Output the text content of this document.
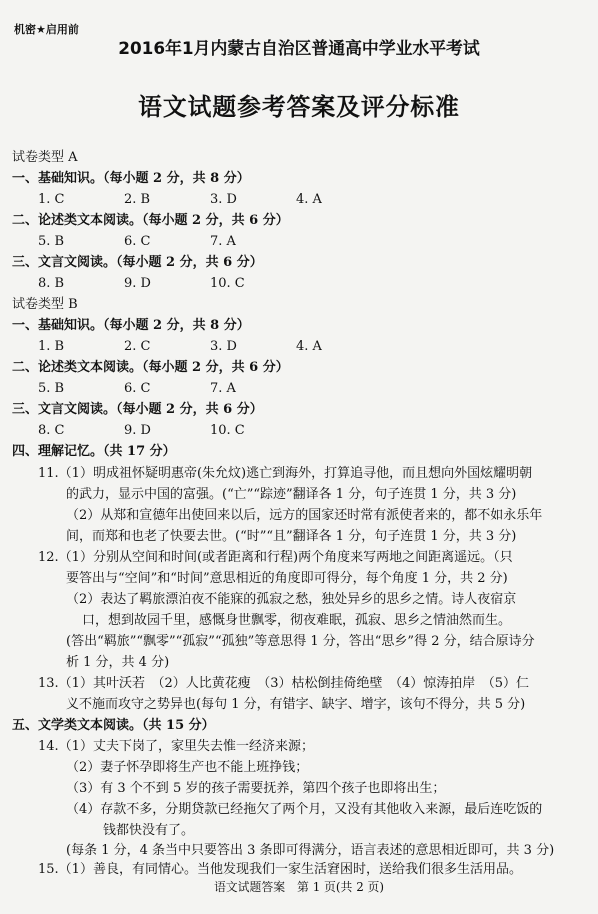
机密★启用前
2016年1月内蒙古自治区普通高中学业水平考试
语文试题参考答案及评分标准
试卷类型 A
一、基础知识。（每小题 2 分，共 8 分）
1. C	2. B	3. D	4. A
二、论述类文本阅读。（每小题 2 分，共 6 分）
5. B	6. C	7. A
三、文言文阅读。（每小题 2 分，共 6 分）
8. B	9. D	10. C
试卷类型 B
一、基础知识。（每小题 2 分，共 8 分）
1. B	2. C	3. D	4. A
二、论述类文本阅读。（每小题 2 分，共 6 分）
5. B	6. C	7. A
三、文言文阅读。（每小题 2 分，共 6 分）
8. C	9. D	10. C
四、理解记忆。（共 17 分）
11.（1）明成祖怀疑明惠帝(朱允炆)逃亡到海外，打算追寻他，而且想向外国炫耀明朝
的武力，显示中国的富强。(“亡”“踪迹”翻译各 1 分，句子连贯 1 分，共 3 分)
（2）从郑和宣德年出使回来以后，远方的国家还时常有派使者来的，都不如永乐年
间，而郑和也老了快要去世。(“时”“且”翻译各 1 分，句子连贯 1 分，共 3 分)
12.（1）分别从空间和时间(或者距离和行程)两个角度来写两地之间距离遥远。（只
要答出与“空间”和“时间”意思相近的角度即可得分，每个角度 1 分，共 2 分)
（2）表达了羁旅漂泊夜不能寐的孤寂之愁，独处异乡的思乡之情。诗人夜宿京
口，想到故园千里，感慨身世飘零，彻夜难眠，孤寂、思乡之情油然而生。
(答出“羁旅”“飘零”“孤寂”“孤独”等意思得 1 分，答出“思乡”得 2 分，结合原诗分
析 1 分，共 4 分)
13.（1）其叶沃若　（2）人比黄花瘦　（3）枯松倒挂倚绝壁　（4）惊涛拍岸　（5）仁
义不施而攻守之势异也(每句 1 分，有错字、缺字、增字，该句不得分，共 5 分)
五、文学类文本阅读。（共 15 分）
14.（1）丈夫下岗了，家里失去惟一经济来源；
（2）妻子怀孕即将生产也不能上班挣钱；
（3）有 3 个不到 5 岁的孩子需要抚养，第四个孩子也即将出生；
（4）存款不多，分期贷款已经拖欠了两个月，又没有其他收入来源，最后连吃饭的
钱都快没有了。
(每条 1 分，4 条当中只要答出 3 条即可得满分，语言表述的意思相近即可，共 3 分)
15.（1）善良，有同情心。当他发现我们一家生活窘困时，送给我们很多生活用品。
语文试题答案　第 1 页(共 2 页)
